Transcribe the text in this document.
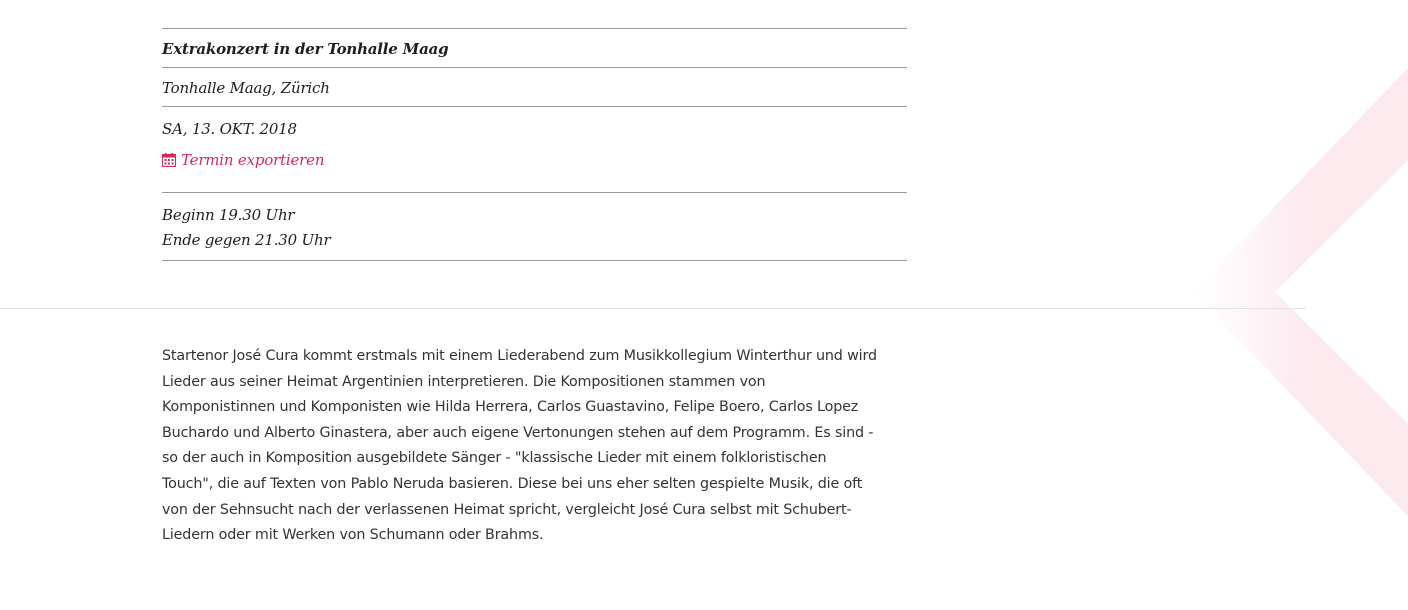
Extrakonzert in der Tonhalle Maag
Tonhalle Maag, Zürich
SA, 13. OKT. 2018
Termin exportieren
Beginn 19.30 Uhr
Ende gegen 21.30 Uhr
Startenor José Cura kommt erstmals mit einem Liederabend zum Musikkollegium Winterthur und wird
Lieder aus seiner Heimat Argentinien interpretieren. Die Kompositionen stammen von
Komponistinnen und Komponisten wie Hilda Herrera, Carlos Guastavino, Felipe Boero, Carlos Lopez
Buchardo und Alberto Ginastera, aber auch eigene Vertonungen stehen auf dem Programm. Es sind -
so der auch in Komposition ausgebildete Sänger - "klassische Lieder mit einem folkloristischen
Touch", die auf Texten von Pablo Neruda basieren. Diese bei uns eher selten gespielte Musik, die oft
von der Sehnsucht nach der verlassenen Heimat spricht, vergleicht José Cura selbst mit Schubert-
Liedern oder mit Werken von Schumann oder Brahms.
